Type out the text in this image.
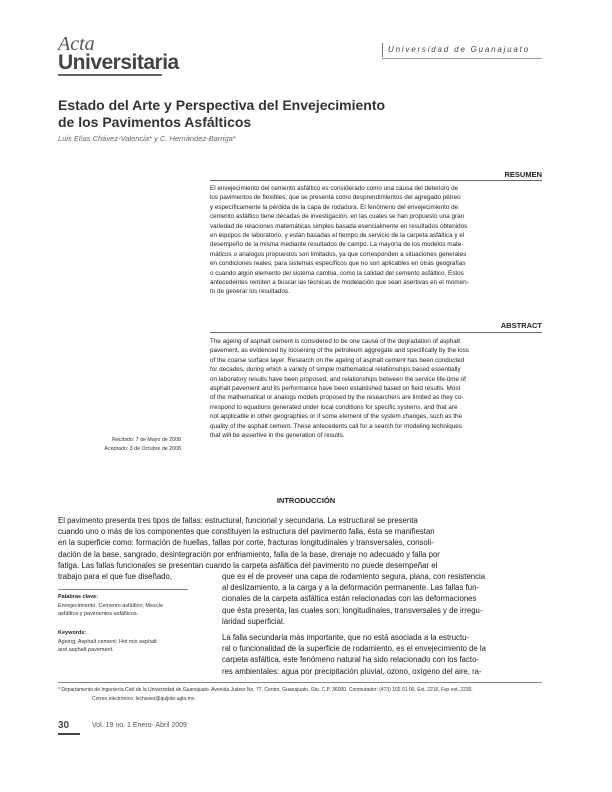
Acta
Universitaria
Universidad de Guanajuato
Estado del Arte y Perspectiva del Envejecimiento
de los Pavimentos Asfálticos
Luis Elías Chávez-Valencia* y C. Hernández-Barriga*
RESUMEN
El envejecimiento del cemento asfáltico es considerado como una causa del deterioro de
los pavimentos de flexibles, que se presenta como desprendimientos del agregado pétreo
y específicamente la pérdida de la capa de rodadura. El fenómeno del envejecimiento de
cemento asfáltico tiene décadas de investigación, en las cuales se han propuesto una gran
variedad de relaciones matemáticas simples basada esencialmente en resultados obtenidos
en equipos de laboratorio, y están basadas el tiempo de servicio de la carpeta asfáltica y el
desempeño de la misma mediante resultados de campo. La mayoría de los modelos mate-
máticos o analogos propuestos son limitados, ya que corresponden a situaciones generales
en condiciones reales, para sistemas específicos que no son aplicables en otras geografías
o cuando algún elemento del sistema cambia, como la calidad del cemento asfáltico. Estos
antecedentes remiten a buscar las técnicas de modelación que sean asertivas en el momen-
to de generar los resultados.
ABSTRACT
The ageing of asphalt cement is considered to be one cause of the degradation of asphalt
pavement, as evidenced by loosening of the petroleum aggregate and specifically by the loss
of the coarse surface layer. Research on the ageing of asphalt cement has been conducted
for decades, during which a variety of simple mathematical relationships based essentially
on laboratory results have been proposed, and relationships between the service life-time of
asphalt pavement and its performance have been established based on field results. Most
of the mathematical or analogs models proposed by the researchers are limited as they co-
rrespond to equations generated under local conditions for specific systems, and that are
not applicable in other geographies or if some element of the system changes, such as the
quality of the asphalt cement. These antecedents call for a search for modeling techniques
that will be assertive in the generation of results.
Recibido: 7 de Mayo de 2008
Aceptado: 3 de Octubre de 2008
INTRODUCCIÓN
El pavimento presenta tres tipos de fallas: estructural, funcional y secundaria. La estructural se presenta
cuando uno o más de los componentes que constituyen la estructura del pavimento falla, ésta se manifiestan
en la superficie como: formación de huellas, fallas por corte, fracturas longitudinales y transversales, consoli-
dación de la base, sangrado, desintegración por enfriamiento, falla de la base, drenaje no adecuado y falla por
fatiga. Las fallas funcionales se presentan cuando la carpeta asfáltica del pavimento no puede desempeñar el
trabajo para el que fue diseñado,	que es el de proveer una capa de rodamiento segura, plana, con resistencia
al deslizamiento, a la carga y a la deformación permanente. Las fallas fun-
cionales de la carpeta asfáltica están relacionadas con las deformaciones
que ésta presenta, las cuales son: longitudinales, transversales y de irregu-
laridad superficial.
La falla secundaria más importante, que no está asociada a la estructu-
ral o funcionalidad de la superficie de rodamiento, es el envejecimiento de la
carpeta asfáltica, este fenómeno natural ha sido relacionado con los facto-
res ambientales: agua por precipitación pluvial, ozono, oxígeno del aire, ra-
Palabras clave:
Envejecimiento; Cemento asfáltico; Mezcla
asfáltica y pavimentos asfálticos.
Keywords:
Ageing; Asphalt cement; Hot mix asphalt
and asphalt pavement.
* Departamento de Ingeniería Civil de la Universidad de Guanajuato. Avenida Juárez No. 77, Centro, Guanajuato, Gto. C.P. 36000. Conmutador: (473) 102 01 00, Ext. 2216, Fax ext. 2230.
Correo electrónico: lechavez@quijote.ugto.mx.
30	Vol. 19 no. 1 Enero- Abril 2009
